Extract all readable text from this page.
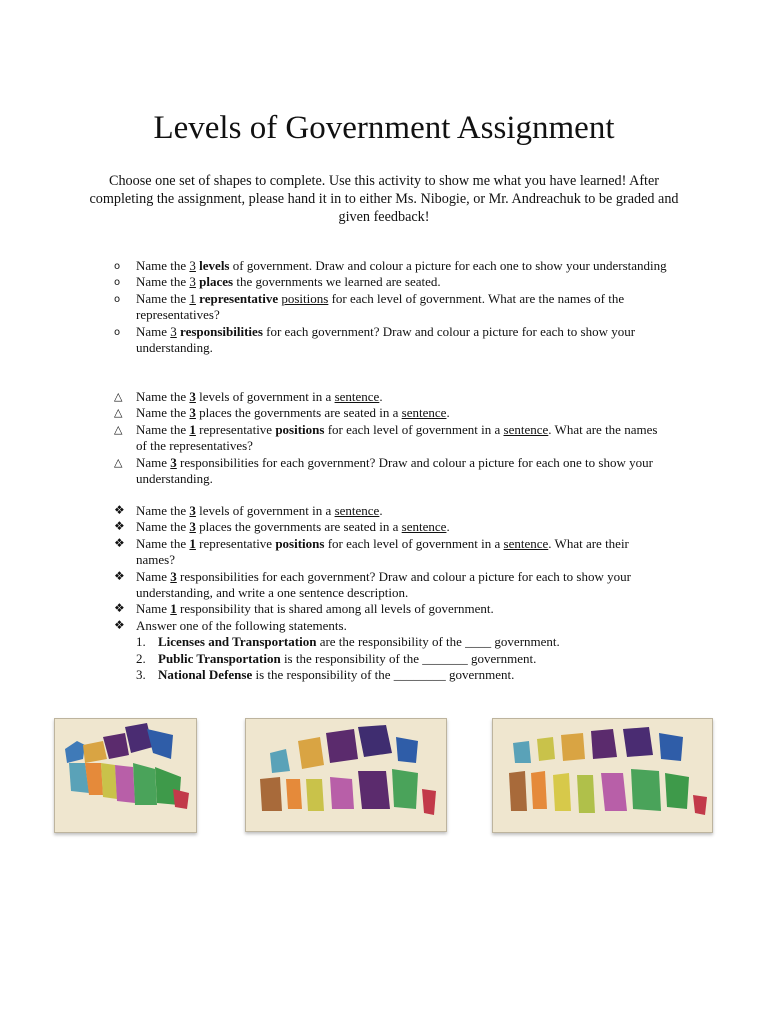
Levels of Government Assignment

Choose one set of shapes to complete. Use this activity to show me what you have learned! After completing the assignment, please hand it in to either Ms. Nibogie, or Mr. Andreachuk to be graded and given feedback!

o	Name the 3 levels of government. Draw and colour a picture for each one to show your understanding
o	Name the 3 places the governments we learned are seated.
o	Name the 1 representative positions for each level of government. What are the names of the representatives?
o	Name 3 responsibilities for each government? Draw and colour a picture for each to show your understanding.
△	Name the 3 levels of government in a sentence.
△	Name the 3 places the governments are seated in a sentence.
△	Name the 1 representative positions for each level of government in a sentence. What are the names of the representatives?
△	Name 3 responsibilities for each government? Draw and colour a picture for each one to show your understanding.
❖ Name the 3 levels of government in a sentence.
❖ Name the 3 places the governments are seated in a sentence.
❖ Name the 1 representative positions for each level of government in a sentence. What are their names?
❖ Name 3 responsibilities for each government? Draw and colour a picture for each to show your understanding, and write a one sentence description.
❖ Name 1 responsibility that is shared among all levels of government.
❖ Answer one of the following statements.
1. Licenses and Transportation are the responsibility of the ____ government.
2. Public Transportation is the responsibility of the _______ government.
3. National Defense is the responsibility of the ________ government.
